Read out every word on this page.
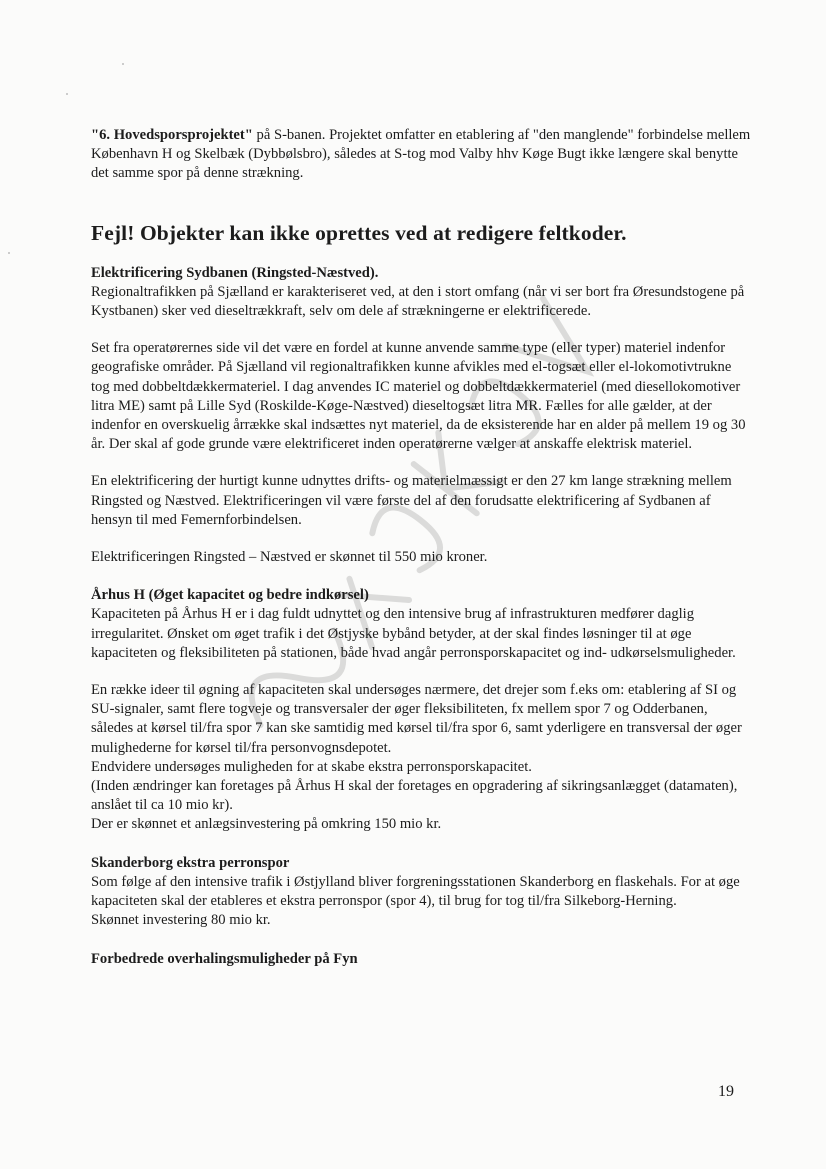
"6. Hovedsporsprojektet" på S-banen. Projektet omfatter en etablering af "den manglende" forbindelse mellem København H og Skelbæk (Dybbølsbro), således at S-tog mod Valby hhv Køge Bugt ikke længere skal benytte det samme spor på denne strækning.

Fejl! Objekter kan ikke oprettes ved at redigere feltkoder.

Elektrificering Sydbanen (Ringsted-Næstved).

Regionaltrafikken på Sjælland er karakteriseret ved, at den i stort omfang (når vi ser bort fra Øresundstogene på Kystbanen) sker ved dieseltrækkraft, selv om dele af strækningerne er elektrificerede.

Set fra operatørernes side vil det være en fordel at kunne anvende samme type (eller typer) materiel indenfor geografiske områder. På Sjælland vil regionaltrafikken kunne afvikles med el-togsæt eller el-lokomotivtrukne tog med dobbeltdækkermateriel. I dag anvendes IC materiel og dobbeltdækkermateriel (med diesellokomotiver litra ME) samt på Lille Syd (Roskilde-Køge-Næstved) dieseltogsæt litra MR. Fælles for alle gælder, at der indenfor en overskuelig årrække skal indsættes nyt materiel, da de eksisterende har en alder på mellem 19 og 30 år. Der skal af gode grunde være elektrificeret inden operatørerne vælger at anskaffe elektrisk materiel.

En elektrificering der hurtigt kunne udnyttes drifts- og materielmæssigt er den 27 km lange strækning mellem Ringsted og Næstved. Elektrificeringen vil være første del af den forudsatte elektrificering af Sydbanen af hensyn til med Femernforbindelsen.

Elektrificeringen Ringsted – Næstved er skønnet til 550 mio kroner.

Århus H (Øget kapacitet og bedre indkørsel)

Kapaciteten på Århus H er i dag fuldt udnyttet og den intensive brug af infrastrukturen medfører daglig irregularitet. Ønsket om øget trafik i det Østjyske bybånd betyder, at der skal findes løsninger til at øge kapaciteten og fleksibiliteten på stationen, både hvad angår perronsporskapacitet og ind- udkørselsmuligheder.

En række ideer til øgning af kapaciteten skal undersøges nærmere, det drejer som f.eks om: etablering af SI og SU-signaler, samt flere togveje og transversaler der øger fleksibiliteten, fx mellem spor 7 og Odderbanen, således at kørsel til/fra spor 7 kan ske samtidig med kørsel til/fra spor 6, samt yderligere en transversal der øger mulighederne for kørsel til/fra personvognsdepotet.

Endvidere undersøges muligheden for at skabe ekstra perronsporskapacitet.

(Inden ændringer kan foretages på Århus H skal der foretages en opgradering af sikringsanlægget (datamaten), anslået til ca 10 mio kr).

Der er skønnet et anlægsinvestering på omkring 150 mio kr.

Skanderborg ekstra perronspor

Som følge af den intensive trafik i Østjylland bliver forgreningsstationen Skanderborg en flaskehals. For at øge kapaciteten skal der etableres et ekstra perronspor (spor 4), til brug for tog til/fra Silkeborg-Herning.

Skønnet investering 80 mio kr.

Forbedrede overhalingsmuligheder på Fyn

19
